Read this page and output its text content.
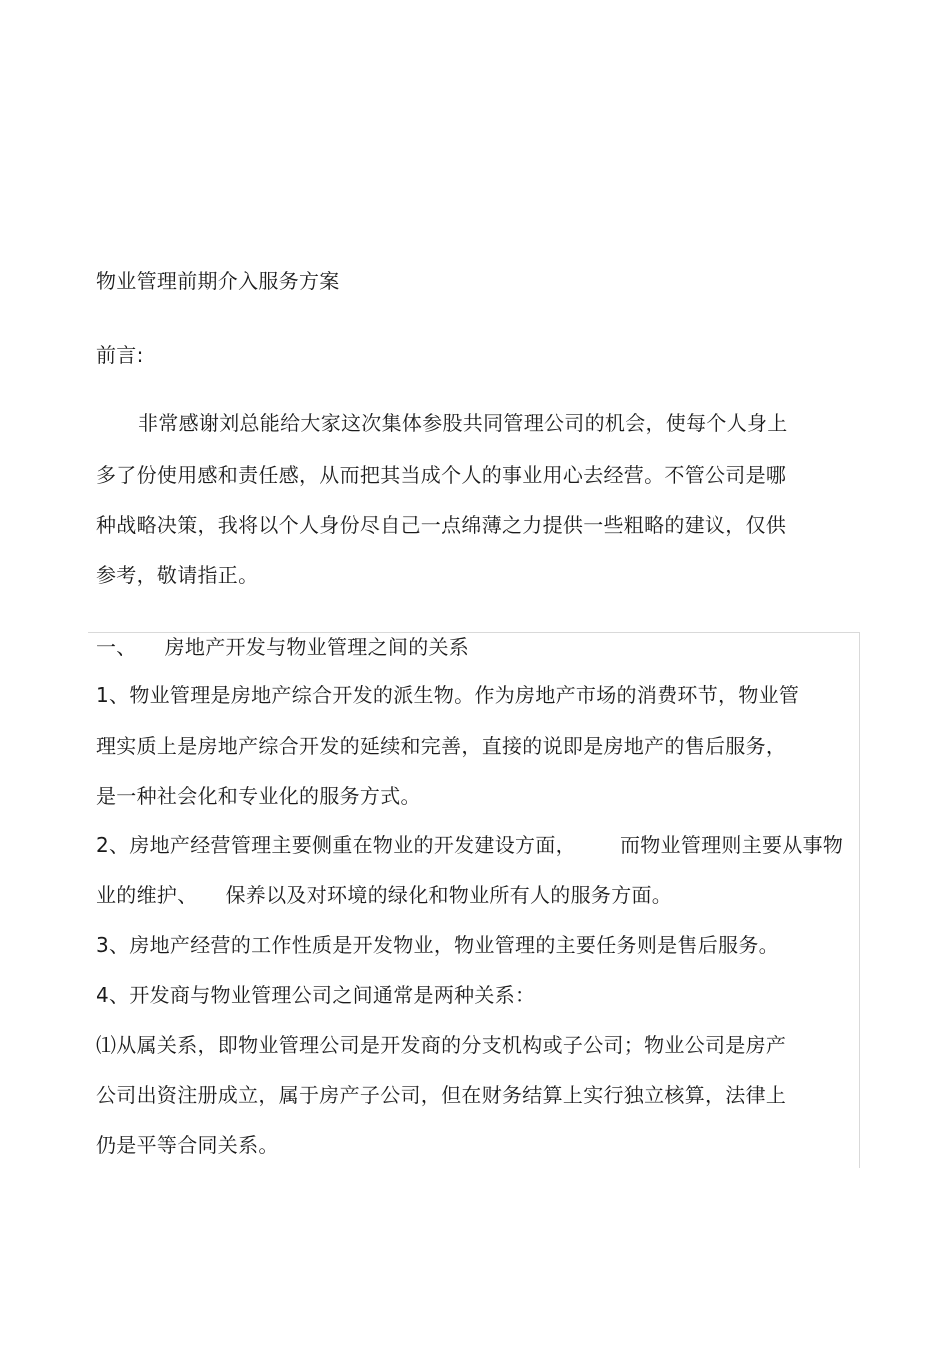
物业管理前期介入服务方案
前言:
非常感谢刘总能给大家这次集体参股共同管理公司的机会，使每个人身上
多了份使用感和责任感，从而把其当成个人的事业用心去经营。不管公司是哪
种战略决策，我将以个人身份尽自己一点绵薄之力提供一些粗略的建议，仅供
参考，敬请指正。
一、 房地产开发与物业管理之间的关系
1、物业管理是房地产综合开发的派生物。作为房地产市场的消费环节，物业管
理实质上是房地产综合开发的延续和完善，直接的说即是房地产的售后服务，
是一种社会化和专业化的服务方式。
2、房地产经营管理主要侧重在物业的开发建设方面， 而物业管理则主要从事物
业的维护、 保养以及对环境的绿化和物业所有人的服务方面。
3、房地产经营的工作性质是开发物业，物业管理的主要任务则是售后服务。
4、开发商与物业管理公司之间通常是两种关系：
⑴从属关系，即物业管理公司是开发商的分支机构或子公司；物业公司是房产
公司出资注册成立，属于房产子公司，但在财务结算上实行独立核算，法律上
仍是平等合同关系。
